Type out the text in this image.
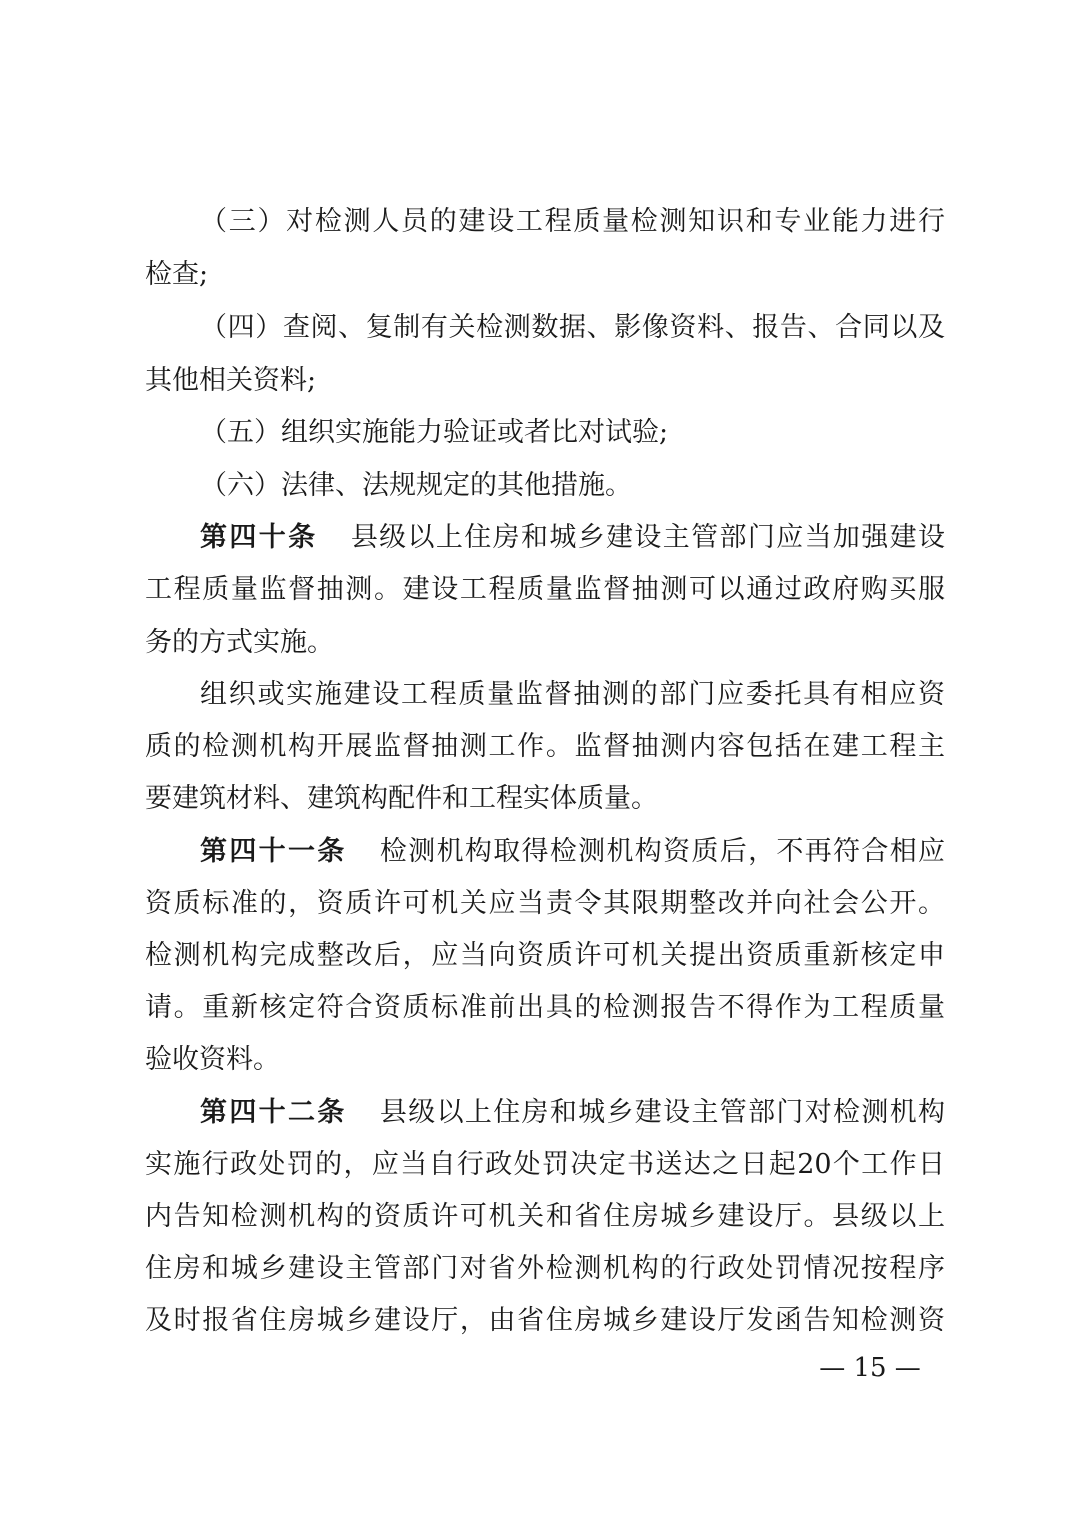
（三）对检测人员的建设工程质量检测知识和专业能力进行
检查;
（四）查阅、复制有关检测数据、影像资料、报告、合同以及
其他相关资料;
（五）组织实施能力验证或者比对试验;
（六）法律、法规规定的其他措施。
第四十条 县级以上住房和城乡建设主管部门应当加强建设
工程质量监督抽测。建设工程质量监督抽测可以通过政府购买服
务的方式实施。
组织或实施建设工程质量监督抽测的部门应委托具有相应资
质的检测机构开展监督抽测工作。监督抽测内容包括在建工程主
要建筑材料、建筑构配件和工程实体质量。
第四十一条 检测机构取得检测机构资质后，不再符合相应
资质标准的，资质许可机关应当责令其限期整改并向社会公开。
检测机构完成整改后，应当向资质许可机关提出资质重新核定申
请。重新核定符合资质标准前出具的检测报告不得作为工程质量
验收资料。
第四十二条 县级以上住房和城乡建设主管部门对检测机构
实施行政处罚的，应当自行政处罚决定书送达之日起20个工作日
内告知检测机构的资质许可机关和省住房城乡建设厅。县级以上
住房和城乡建设主管部门对省外检测机构的行政处罚情况按程序
及时报省住房城乡建设厅，由省住房城乡建设厅发函告知检测资
— 15 —
